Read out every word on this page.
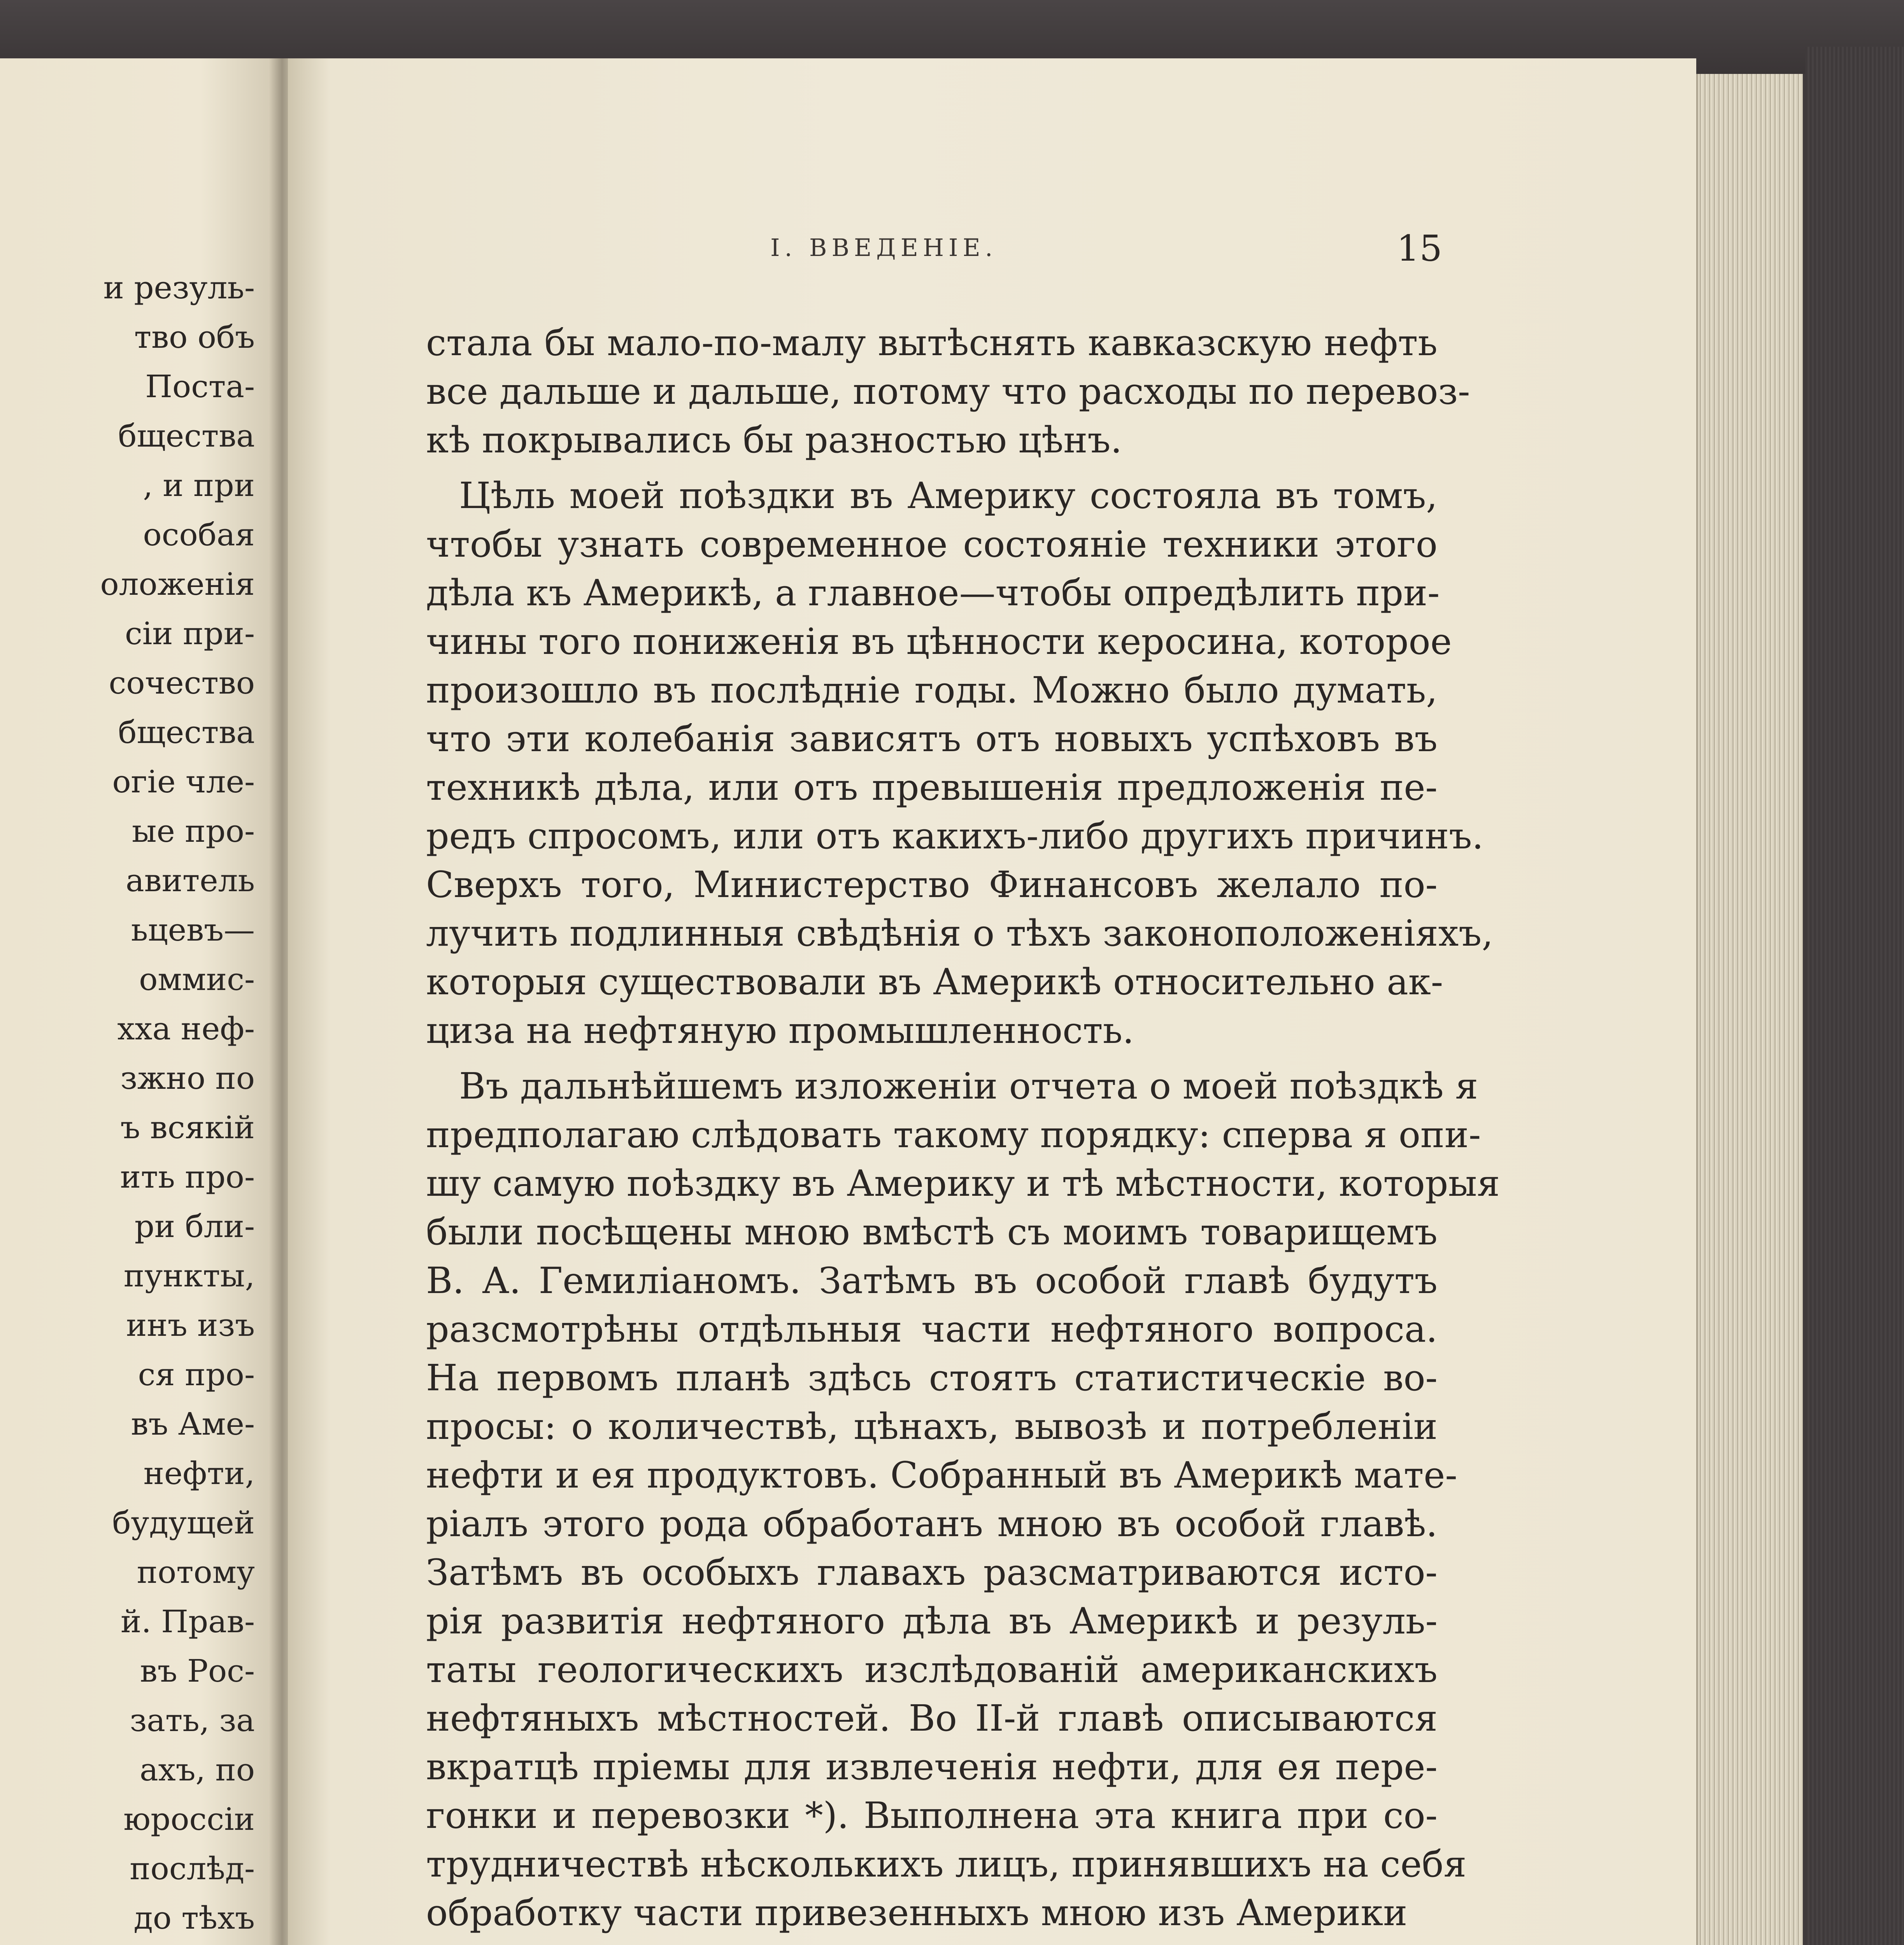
и резуль-
тво объ
Поста-
бщества
, и при
особая
оложенія
сіи при-
сочество
бщества
огіе чле-
ые про-
авитель
ьцевъ—
оммиc-
xха неф-
зжно по
ъ всякій
ить про-
ри бли-
пункты,
инъ изъ
ся про-
въ Аме-
нефти,
будущей
потому
й. Прав-
въ Рос-
зать, за
ахъ, по
юроссіи
послѣд-
до тѣхъ
I. ВВЕДЕНІЕ.	15
стала бы мало-по-малу вытѣснять кавказскую нефть
все дальше и дальше, потому что расходы по перевоз-
кѣ покрывались бы разностью цѣнъ.
Цѣль моей поѣздки въ Америку состояла въ томъ,
чтобы узнать современное состояніе техники этого
дѣла къ Америкѣ, а главное—чтобы опредѣлить при-
чины того пониженія въ цѣнности керосина, которое
произошло въ послѣдніе годы. Можно было думать,
что эти колебанія зависятъ отъ новыхъ успѣховъ въ
техникѣ дѣла, или отъ превышенія предложенія пе-
редъ спросомъ, или отъ какихъ-либо другихъ причинъ.
Сверхъ того, Министерство Финансовъ желало по-
лучить подлинныя свѣдѣнія о тѣхъ законоположеніяхъ,
которыя существовали въ Америкѣ относительно ак-
циза на нефтяную промышленность.
Въ дальнѣйшемъ изложеніи отчета о моей поѣздкѣ я
предполагаю слѣдовать такому порядку: сперва я опи-
шу самую поѣздку въ Америку и тѣ мѣстности, которыя
были посѣщены мною вмѣстѣ съ моимъ товарищемъ
В. А. Гемиліаномъ. Затѣмъ въ особой главѣ будутъ
разсмотрѣны отдѣльныя части нефтяного вопроса.
На первомъ планѣ здѣсь стоятъ статистическіе во-
просы: о количествѣ, цѣнахъ, вывозѣ и потребленіи
нефти и ея продуктовъ. Собранный въ Америкѣ мате-
ріалъ этого рода обработанъ мною въ особой главѣ.
Затѣмъ въ особыхъ главахъ разсматриваются исто-
рія развитія нефтяного дѣла въ Америкѣ и резуль-
таты геологическихъ изслѣдованій американскихъ
нефтяныхъ мѣстностей. Во II-й главѣ описываются
вкратцѣ пріемы для извлеченія нефти, для ея пере-
гонки и перевозки *). Выполнена эта книга при со-
трудничествѣ нѣсколькихъ лицъ, принявшихъ на себя
обработку части привезенныхъ мною изъ Америки
